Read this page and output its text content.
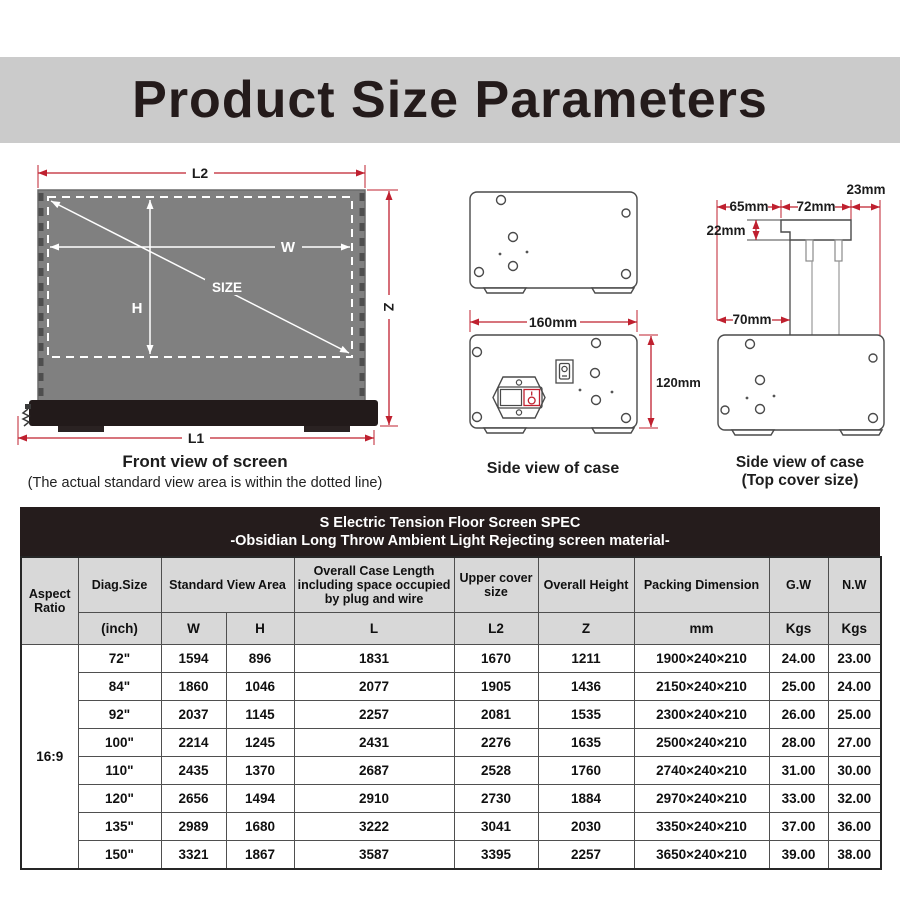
Product Size Parameters
W
H
SIZE
L2
Z
L1
Front view of screen
(The actual standard view area is within the dotted line)
160mm
120mm
Side view of case
23mm
65mm 72mm
22mm
70mm
Side view of case
(Top cover size)
S Electric Tension Floor Screen SPEC
-Obsidian Long Throw Ambient Light Rejecting screen material-
Aspect Ratio	Diag.Size	Standard View Area		Overall Case Length including space occupied by plug and wire	Upper cover size	Overall Height	Packing Dimension	G.W	N.W
	(inch)	W	H	L	L2	Z	mm	Kgs	Kgs
16:9	72"	1594	896	1831	1670	1211	1900×240×210	24.00	23.00
	84"	1860	1046	2077	1905	1436	2150×240×210	25.00	24.00
	92"	2037	1145	2257	2081	1535	2300×240×210	26.00	25.00
	100"	2214	1245	2431	2276	1635	2500×240×210	28.00	27.00
	110"	2435	1370	2687	2528	1760	2740×240×210	31.00	30.00
	120"	2656	1494	2910	2730	1884	2970×240×210	33.00	32.00
	135"	2989	1680	3222	3041	2030	3350×240×210	37.00	36.00
	150"	3321	1867	3587	3395	2257	3650×240×210	39.00	38.00
